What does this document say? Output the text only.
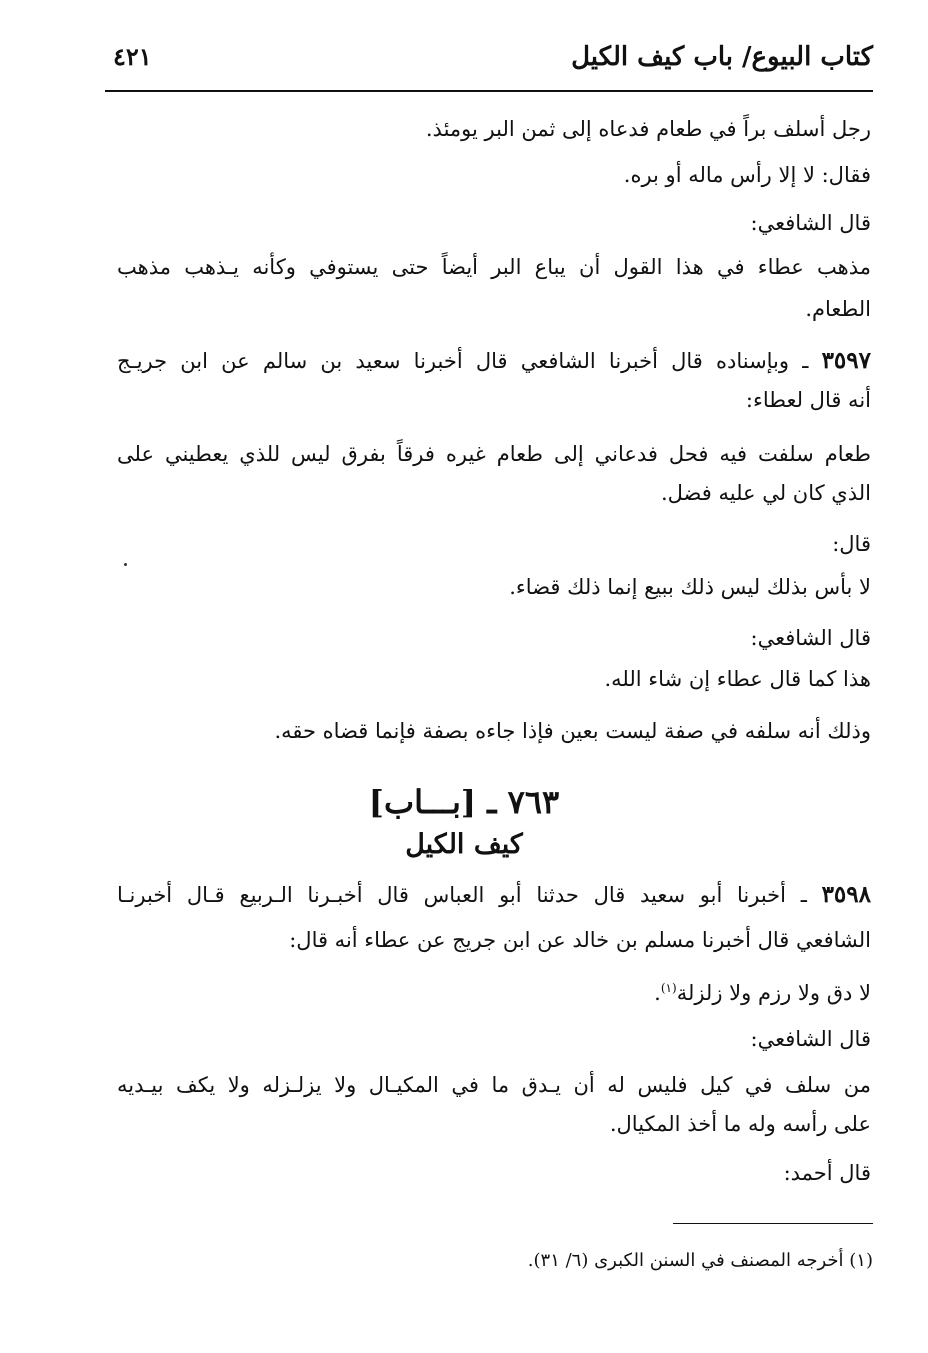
كتاب البيوع/ باب كيف الكيل
٤٢١
رجل أسلف براً في طعام فدعاه إلى ثمن البر يومئذ.
فقال: لا إلا رأس ماله أو بره.
قال الشافعي:
مذهب عطاء في هذا القول أن يباع البر أيضاً حتى يستوفي وكأنه يـذهب مذهب
الطعام.
٣٥٩٧ ـ وبإسناده قال أخبرنا الشافعي قال أخبرنا سعيد بن سالم عن ابن جريـج
أنه قال لعطاء:
طعام سلفت فيه فحل فدعاني إلى طعام غيره فرقاً بفرق ليس للذي يعطيني على
الذي كان لي عليه فضل.
قال:
لا بأس بذلك ليس ذلك ببيع إنما ذلك قضاء.
قال الشافعي:
هذا كما قال عطاء إن شاء الله.
وذلك أنه سلفه في صفة ليست بعين فإذا جاءه بصفة فإنما قضاه حقه.
٧٦٣ ـ [بـــاب]
كيف الكيل
٣٥٩٨ ـ أخبرنا أبو سعيد قال حدثنا أبو العباس قال أخبـرنا الـربيع قـال أخبرنـا
الشافعي قال أخبرنا مسلم بن خالد عن ابن جريج عن عطاء أنه قال:
لا دق ولا رزم ولا زلزلة$^{(١)}$.
قال الشافعي:
من سلف في كيل فليس له أن يـدق ما في المكيـال ولا يزلـزله ولا يكف بيـديه
على رأسه وله ما أخذ المكيال.
قال أحمد:
(١) أخرجه المصنف في السنن الكبرى (٦/ ٣١).
